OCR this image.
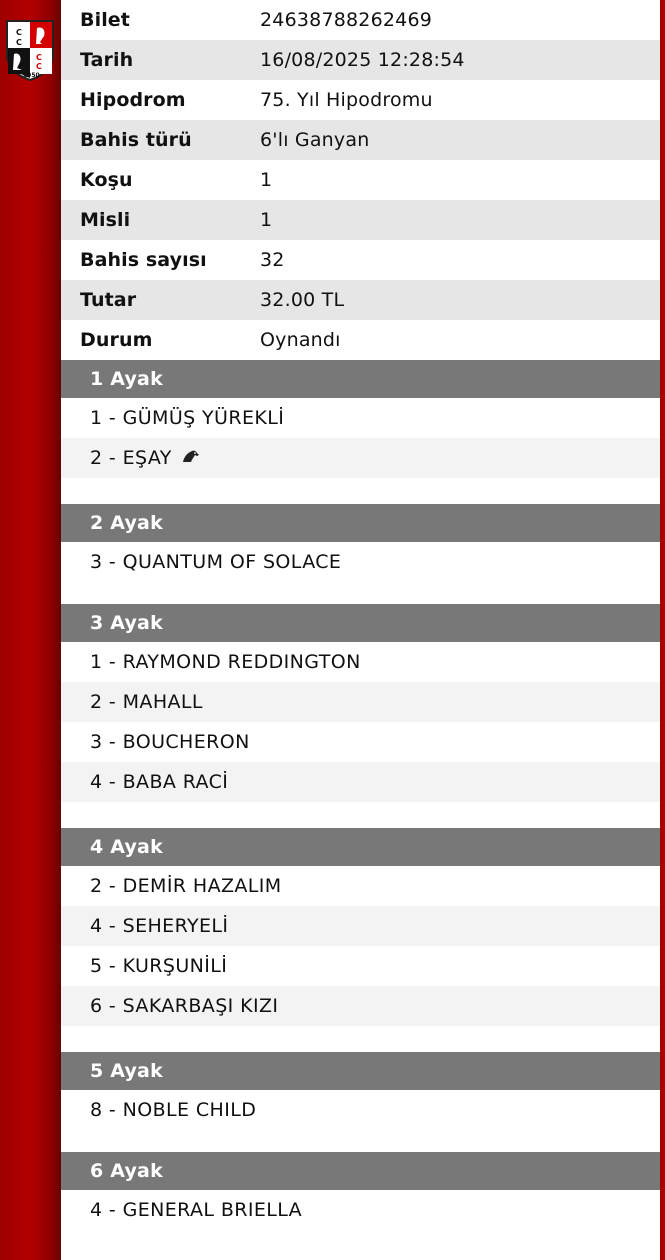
C
C
C
C
1950
Bilet	24638788262469
Tarih	16/08/2025 12:28:54
Hipodrom	75. Yıl Hipodromu
Bahis türü	6'lı Ganyan
Koşu	1
Misli	1
Bahis sayısı	32
Tutar	32.00 TL
Durum	Oynandı
1 Ayak
1 - GÜMÜŞ YÜREKLİ
2 - EŞAY
2 Ayak
3 - QUANTUM OF SOLACE
3 Ayak
1 - RAYMOND REDDINGTON
2 - MAHALL
3 - BOUCHERON
4 - BABA RACİ
4 Ayak
2 - DEMİR HAZALIM
4 - SEHERYELİ
5 - KURŞUNİLİ
6 - SAKARBAŞI KIZI
5 Ayak
8 - NOBLE CHILD
6 Ayak
4 - GENERAL BRIELLA
